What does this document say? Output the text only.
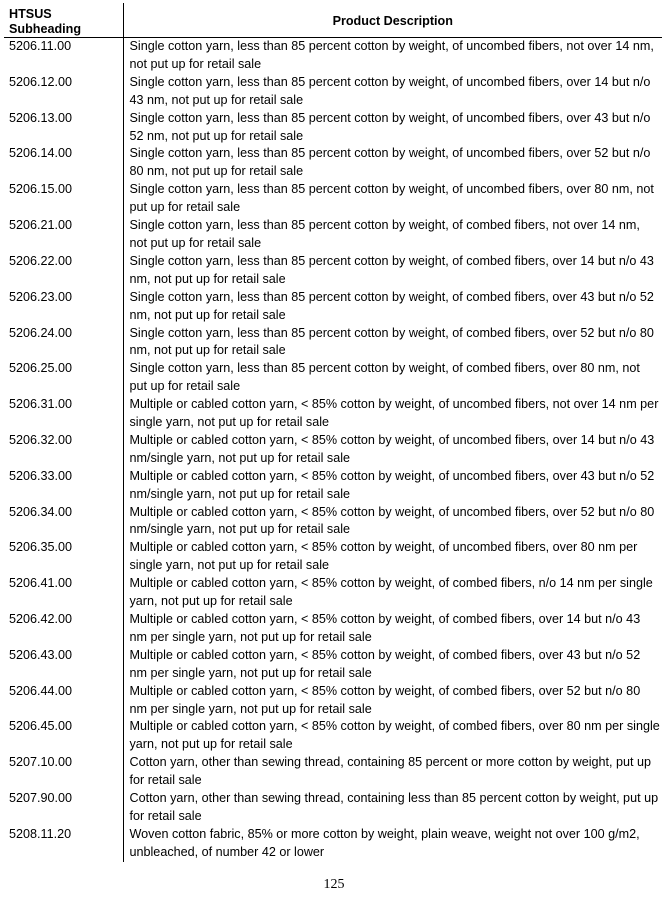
HTSUS
Subheading	Product Description
5206.11.00	Single cotton yarn, less than 85 percent cotton by weight, of uncombed fibers, not over 14 nm, not put up for retail sale
5206.12.00	Single cotton yarn, less than 85 percent cotton by weight, of uncombed fibers, over 14 but n/o 43 nm, not put up for retail sale
5206.13.00	Single cotton yarn, less than 85 percent cotton by weight, of uncombed fibers, over 43 but n/o 52 nm, not put up for retail sale
5206.14.00	Single cotton yarn, less than 85 percent cotton by weight, of uncombed fibers, over 52 but n/o 80 nm, not put up for retail sale
5206.15.00	Single cotton yarn, less than 85 percent cotton by weight, of uncombed fibers, over 80 nm, not put up for retail sale
5206.21.00	Single cotton yarn, less than 85 percent cotton by weight, of combed fibers, not over 14 nm, not put up for retail sale
5206.22.00	Single cotton yarn, less than 85 percent cotton by weight, of combed fibers, over 14 but n/o 43 nm, not put up for retail sale
5206.23.00	Single cotton yarn, less than 85 percent cotton by weight, of combed fibers, over 43 but n/o 52 nm, not put up for retail sale
5206.24.00	Single cotton yarn, less than 85 percent cotton by weight, of combed fibers, over 52 but n/o 80 nm, not put up for retail sale
5206.25.00	Single cotton yarn, less than 85 percent cotton by weight, of combed fibers, over 80 nm, not put up for retail sale
5206.31.00	Multiple or cabled cotton yarn, < 85% cotton by weight, of uncombed fibers, not over 14 nm per single yarn, not put up for retail sale
5206.32.00	Multiple or cabled cotton yarn, < 85% cotton by weight, of uncombed fibers, over 14 but n/o 43 nm/single yarn, not put up for retail sale
5206.33.00	Multiple or cabled cotton yarn, < 85% cotton by weight, of uncombed fibers, over 43 but n/o 52 nm/single yarn, not put up for retail sale
5206.34.00	Multiple or cabled cotton yarn, < 85% cotton by weight, of uncombed fibers, over 52 but n/o 80 nm/single yarn, not put up for retail sale
5206.35.00	Multiple or cabled cotton yarn, < 85% cotton by weight, of uncombed fibers, over 80 nm per single yarn, not put up for retail sale
5206.41.00	Multiple or cabled cotton yarn, < 85% cotton by weight, of combed fibers, n/o 14 nm per single yarn, not put up for retail sale
5206.42.00	Multiple or cabled cotton yarn, < 85% cotton by weight, of combed fibers, over 14 but n/o 43 nm per single yarn, not put up for retail sale
5206.43.00	Multiple or cabled cotton yarn, < 85% cotton by weight, of combed fibers, over 43 but n/o 52 nm per single yarn, not put up for retail sale
5206.44.00	Multiple or cabled cotton yarn, < 85% cotton by weight, of combed fibers, over 52 but n/o 80 nm per single yarn, not put up for retail sale
5206.45.00	Multiple or cabled cotton yarn, < 85% cotton by weight, of combed fibers, over 80 nm per single yarn, not put up for retail sale
5207.10.00	Cotton yarn, other than sewing thread, containing 85 percent or more cotton by weight, put up for retail sale
5207.90.00	Cotton yarn, other than sewing thread, containing less than 85 percent cotton by weight, put up for retail sale
5208.11.20	Woven cotton fabric, 85% or more cotton by weight, plain weave, weight not over 100 g/m2, unbleached, of number 42 or lower
125
